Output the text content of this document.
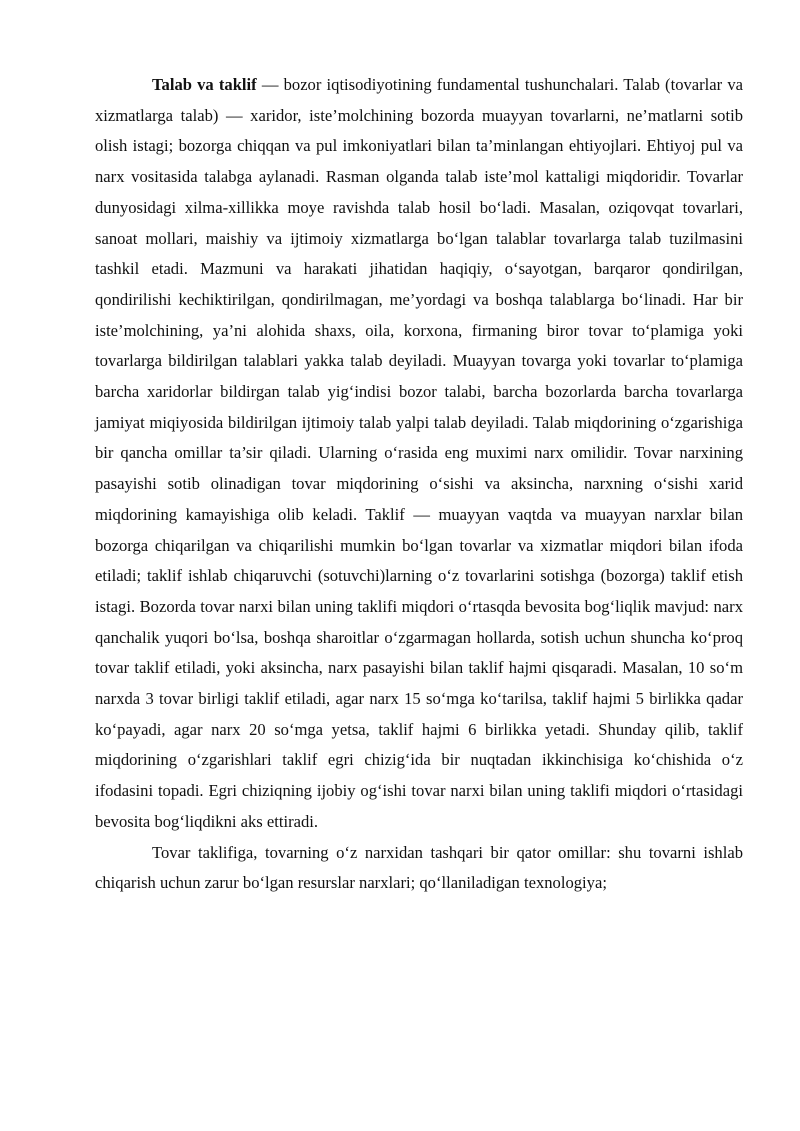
Talab va taklif — bozor iqtisodiyotining fundamental tushunchalari. Talab (tovarlar va xizmatlarga talab) — xaridor, iste’molchining bozorda muayyan tovarlarni, ne’matlarni sotib olish istagi; bozorga chiqqan va pul imkoniyatlari bilan ta’minlangan ehtiyojlari. Ehtiyoj pul va narx vositasida talabga aylanadi. Rasman olganda talab iste’mol kattaligi miqdoridir. Tovarlar dunyosidagi xilma-xillikka moye ravishda talab hosil bo‘ladi. Masalan, oziqovqat tovarlari, sanoat mollari, maishiy va ijtimoiy xizmatlarga bo‘lgan talablar tovarlarga talab tuzilmasini tashkil etadi. Mazmuni va harakati jihatidan haqiqiy, o‘sayotgan, barqaror qondirilgan, qondirilishi kechiktirilgan, qondirilmagan, me’yordagi va boshqa talablarga bo‘linadi. Har bir iste’molchining, ya’ni alohida shaxs, oila, korxona, firmaning biror tovar to‘plamiga yoki tovarlarga bildirilgan talablari yakka talab deyiladi. Muayyan tovarga yoki tovarlar to‘plamiga barcha xaridorlar bildirgan talab yig‘indisi bozor talabi, barcha bozorlarda barcha tovarlarga jamiyat miqiyosida bildirilgan ijtimoiy talab yalpi talab deyiladi. Talab miqdorining o‘zgarishiga bir qancha omillar ta’sir qiladi. Ularning o‘rasida eng muximi narx omilidir. Tovar narxining pasayishi sotib olinadigan tovar miqdorining o‘sishi va aksincha, narxning o‘sishi xarid miqdorining kamayishiga olib keladi. Taklif — muayyan vaqtda va muayyan narxlar bilan bozorga chiqarilgan va chiqarilishi mumkin bo‘lgan tovarlar va xizmatlar miqdori bilan ifoda etiladi; taklif ishlab chiqaruvchi (sotuvchi)larning o‘z tovarlarini sotishga (bozorga) taklif etish istagi. Bozorda tovar narxi bilan uning taklifi miqdori o‘rtasqda bevosita bog‘liqlik mavjud: narx qanchalik yuqori bo‘lsa, boshqa sharoitlar o‘zgarmagan hollarda, sotish uchun shuncha ko‘proq tovar taklif etiladi, yoki aksincha, narx pasayishi bilan taklif hajmi qisqaradi. Masalan, 10 so‘m narxda 3 tovar birligi taklif etiladi, agar narx 15 so‘mga ko‘tarilsa, taklif hajmi 5 birlikka qadar ko‘payadi, agar narx 20 so‘mga yetsa, taklif hajmi 6 birlikka yetadi. Shunday qilib, taklif miqdorining o‘zgarishlari taklif egri chizig‘ida bir nuqtadan ikkinchisiga ko‘chishida o‘z ifodasini topadi. Egri chiziqning ijobiy og‘ishi tovar narxi bilan uning taklifi miqdori o‘rtasidagi bevosita bog‘liqdikni aks ettiradi.

Tovar taklifiga, tovarning o‘z narxidan tashqari bir qator omillar: shu tovarni ishlab chiqarish uchun zarur bo‘lgan resurslar narxlari; qo‘llaniladigan texnologiya;
